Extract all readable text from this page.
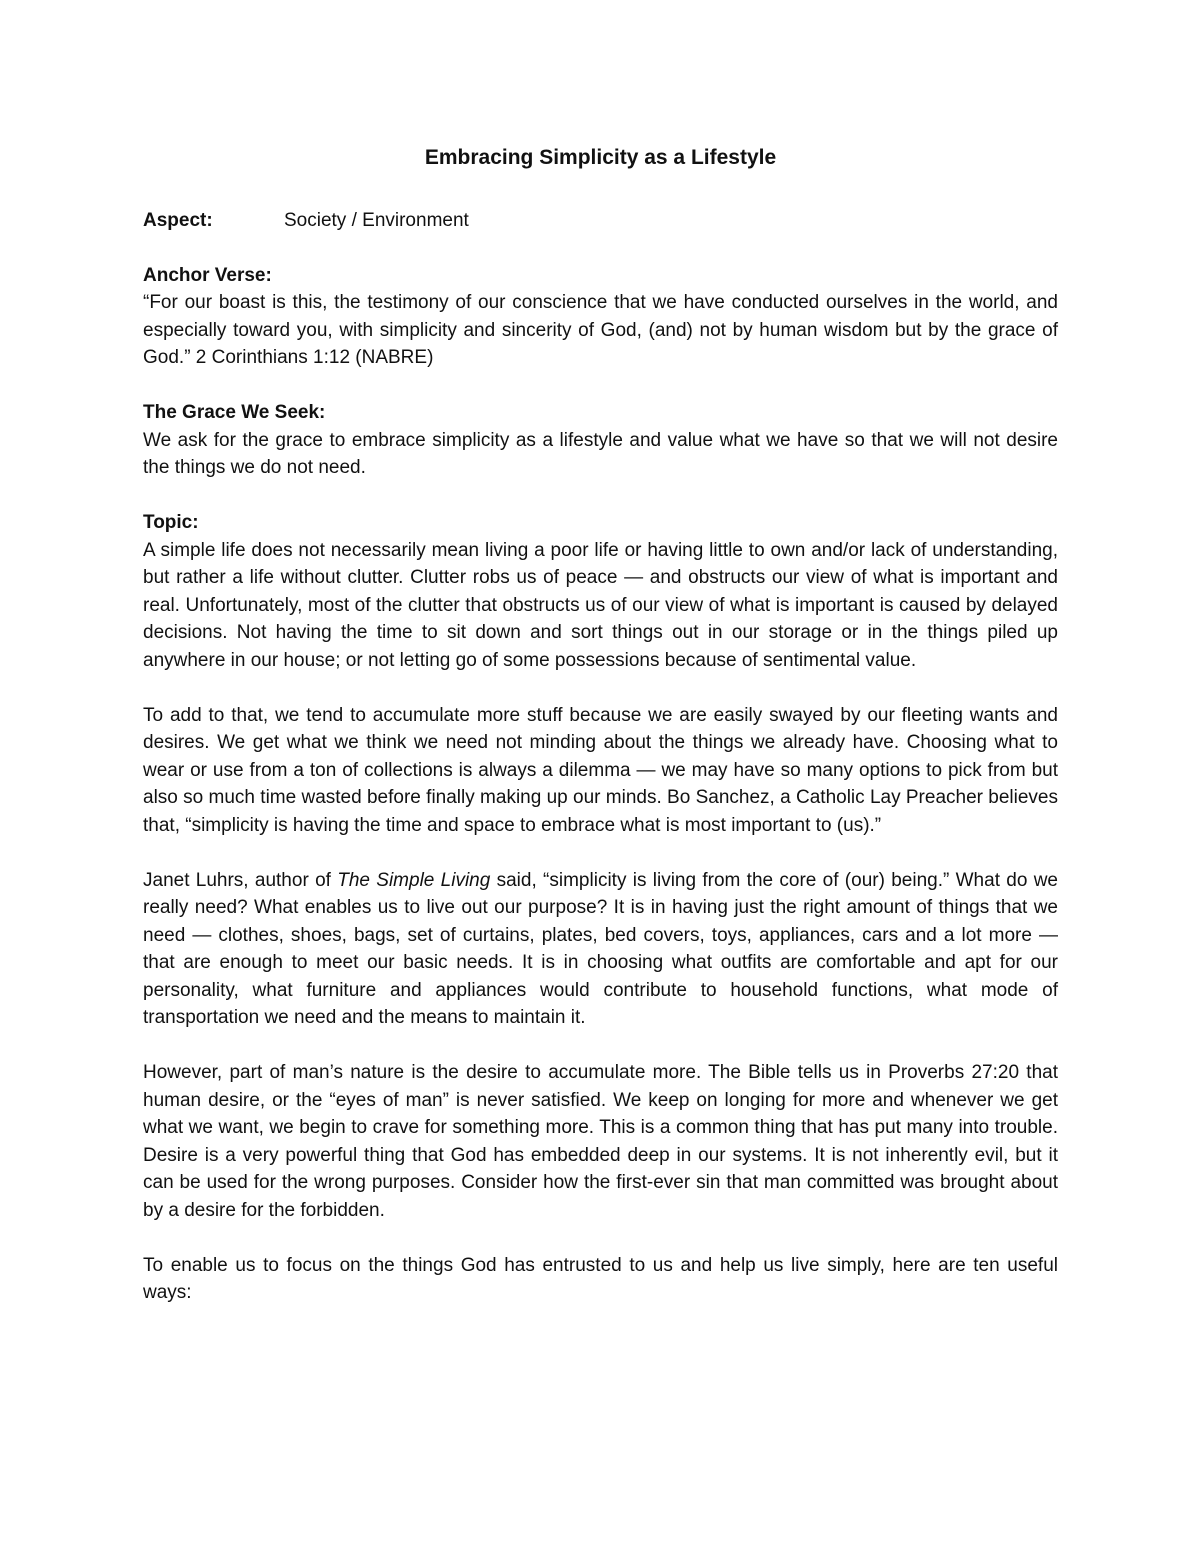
Embracing Simplicity as a Lifestyle
Aspect:	Society / Environment
Anchor Verse:

“For our boast is this, the testimony of our conscience that we have conducted ourselves in the world, and especially toward you, with simplicity and sincerity of God, (and) not by human wisdom but by the grace of God.” 2 Corinthians 1:12 (NABRE)

The Grace We Seek:

We ask for the grace to embrace simplicity as a lifestyle and value what we have so that we will not desire the things we do not need.

Topic:

A simple life does not necessarily mean living a poor life or having little to own and/or lack of understanding, but rather a life without clutter. Clutter robs us of peace — and obstructs our view of what is important and real. Unfortunately, most of the clutter that obstructs us of our view of what is important is caused by delayed decisions. Not having the time to sit down and sort things out in our storage or in the things piled up anywhere in our house; or not letting go of some possessions because of sentimental value.

To add to that, we tend to accumulate more stuff because we are easily swayed by our fleeting wants and desires. We get what we think we need not minding about the things we already have. Choosing what to wear or use from a ton of collections is always a dilemma — we may have so many options to pick from but also so much time wasted before finally making up our minds. Bo Sanchez, a Catholic Lay Preacher believes that, “simplicity is having the time and space to embrace what is most important to (us).”

Janet Luhrs, author of The Simple Living said, “simplicity is living from the core of (our) being.” What do we really need? What enables us to live out our purpose? It is in having just the right amount of things that we need — clothes, shoes, bags, set of curtains, plates, bed covers, toys, appliances, cars and a lot more — that are enough to meet our basic needs. It is in choosing what outfits are comfortable and apt for our personality, what furniture and appliances would contribute to household functions, what mode of transportation we need and the means to maintain it.

However, part of man’s nature is the desire to accumulate more. The Bible tells us in Proverbs 27:20 that human desire, or the “eyes of man” is never satisfied. We keep on longing for more and whenever we get what we want, we begin to crave for something more. This is a common thing that has put many into trouble. Desire is a very powerful thing that God has embedded deep in our systems. It is not inherently evil, but it can be used for the wrong purposes. Consider how the first-ever sin that man committed was brought about by a desire for the forbidden.

To enable us to focus on the things God has entrusted to us and help us live simply, here are ten useful ways:
